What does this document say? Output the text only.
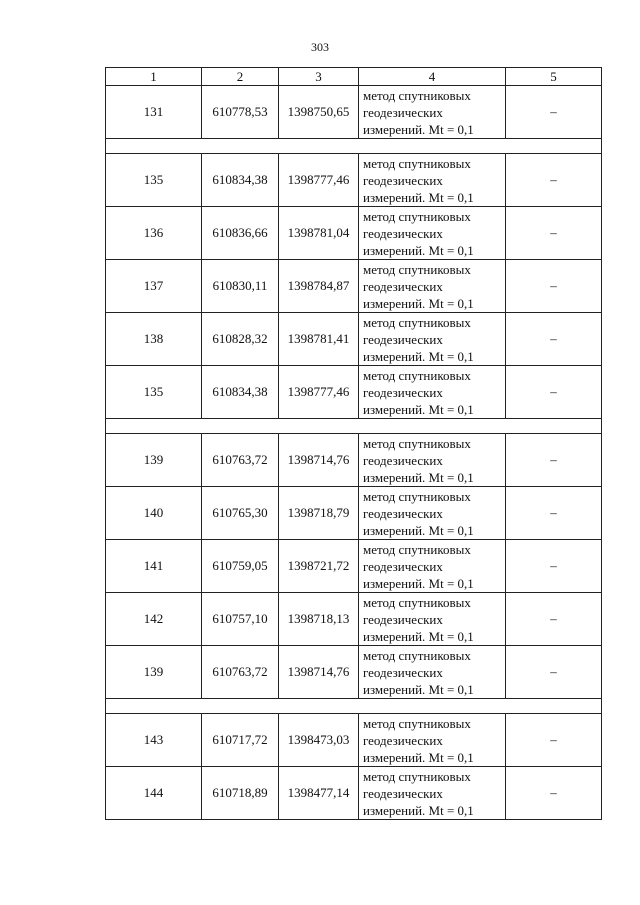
303
1	2	3	4	5
131	610778,53	1398750,65	метод спутниковых
геодезических
измерений. Mt = 0,1	–

135	610834,38	1398777,46	метод спутниковых
геодезических
измерений. Mt = 0,1	–
136	610836,66	1398781,04	метод спутниковых
геодезических
измерений. Mt = 0,1	–
137	610830,11	1398784,87	метод спутниковых
геодезических
измерений. Mt = 0,1	–
138	610828,32	1398781,41	метод спутниковых
геодезических
измерений. Mt = 0,1	–
135	610834,38	1398777,46	метод спутниковых
геодезических
измерений. Mt = 0,1	–

139	610763,72	1398714,76	метод спутниковых
геодезических
измерений. Mt = 0,1	–
140	610765,30	1398718,79	метод спутниковых
геодезических
измерений. Mt = 0,1	–
141	610759,05	1398721,72	метод спутниковых
геодезических
измерений. Mt = 0,1	–
142	610757,10	1398718,13	метод спутниковых
геодезических
измерений. Mt = 0,1	–
139	610763,72	1398714,76	метод спутниковых
геодезических
измерений. Mt = 0,1	–

143	610717,72	1398473,03	метод спутниковых
геодезических
измерений. Mt = 0,1	–
144	610718,89	1398477,14	метод спутниковых
геодезических
измерений. Mt = 0,1	–
